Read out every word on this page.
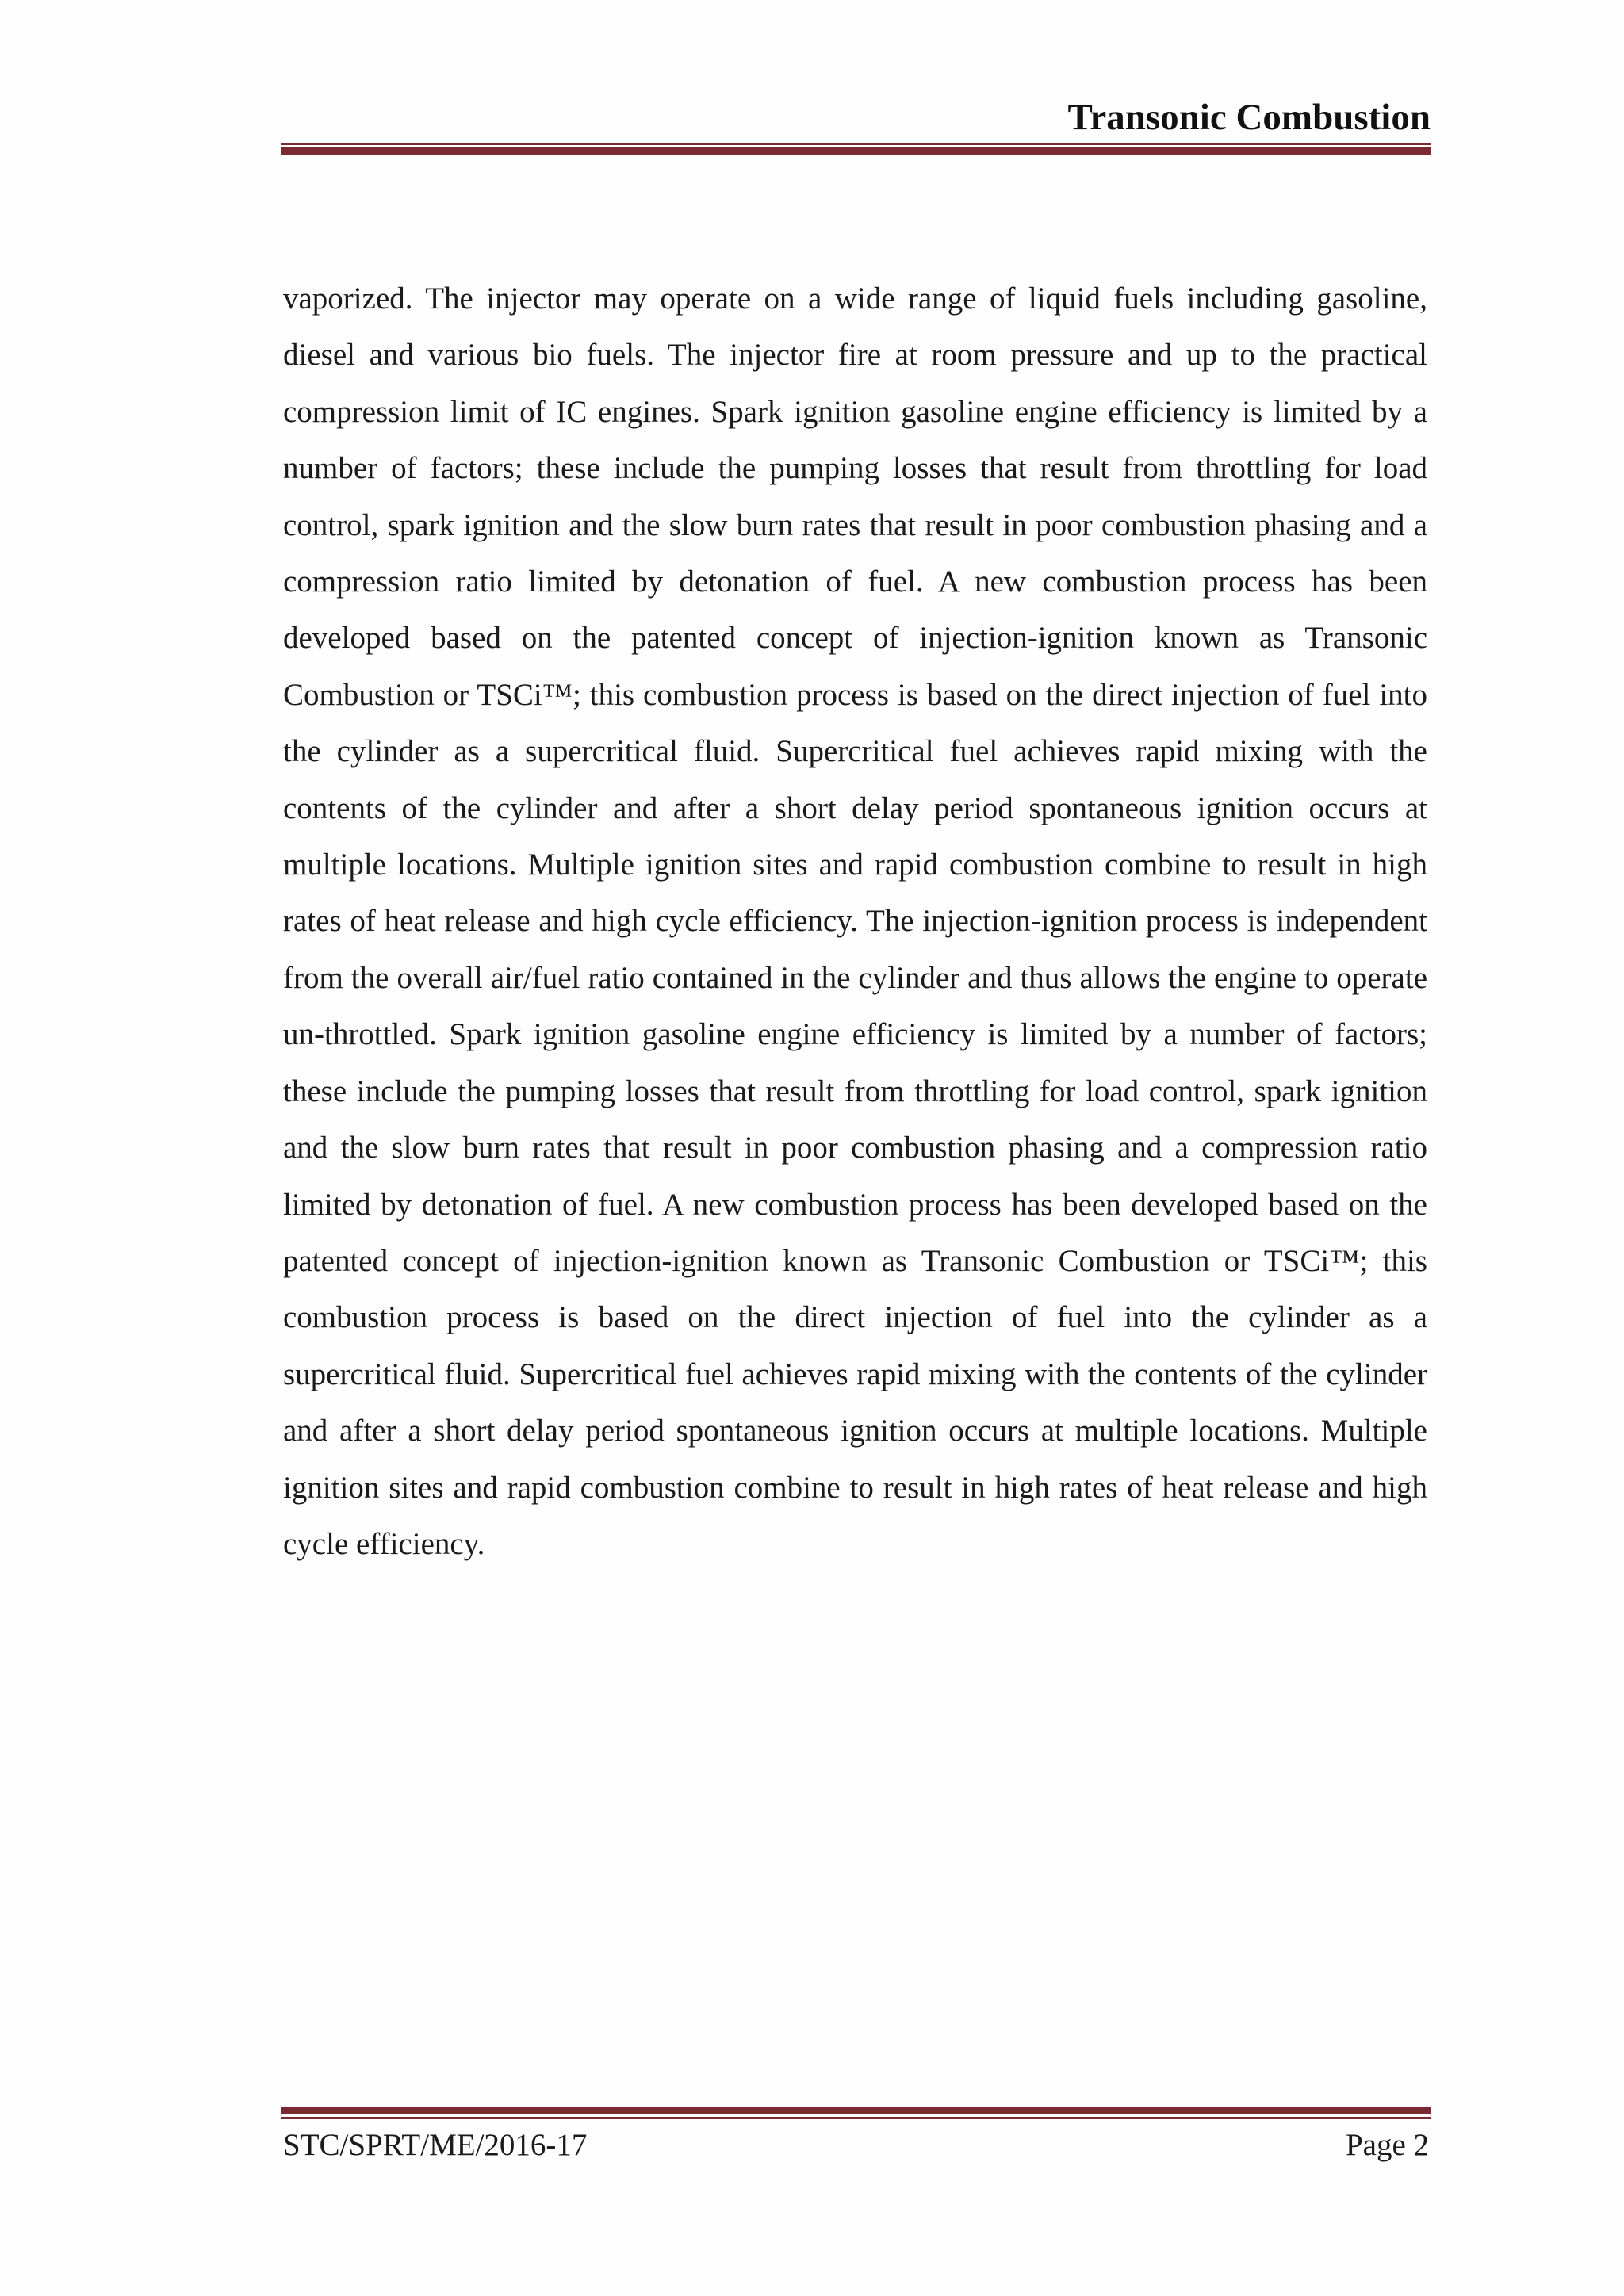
Transonic Combustion

vaporized. The injector may operate on a wide range of liquid fuels including gasoline, diesel and various bio fuels. The injector fire at room pressure and up to the practical compression limit of IC engines. Spark ignition gasoline engine efficiency is limited by a number of factors; these include the pumping losses that result from throttling for load control, spark ignition and the slow burn rates that result in poor combustion phasing and a compression ratio limited by detonation of fuel. A new combustion process has been developed based on the patented concept of injection-ignition known as Transonic Combustion or TSCi™; this combustion process is based on the direct injection of fuel into the cylinder as a supercritical fluid. Supercritical fuel achieves rapid mixing with the contents of the cylinder and after a short delay period spontaneous ignition occurs at multiple locations. Multiple ignition sites and rapid combustion combine to result in high rates of heat release and high cycle efficiency. The injection-ignition process is independent from the overall air/fuel ratio contained in the cylinder and thus allows the engine to operate un-throttled. Spark ignition gasoline engine efficiency is limited by a number of factors; these include the pumping losses that result from throttling for load control, spark ignition and the slow burn rates that result in poor combustion phasing and a compression ratio limited by detonation of fuel. A new combustion process has been developed based on the patented concept of injection-ignition known as Transonic Combustion or TSCi™; this combustion process is based on the direct injection of fuel into the cylinder as a supercritical fluid. Supercritical fuel achieves rapid mixing with the contents of the cylinder and after a short delay period spontaneous ignition occurs at multiple locations. Multiple ignition sites and rapid combustion combine to result in high rates of heat release and high cycle efficiency.

STC/SPRT/ME/2016-17	Page 2
